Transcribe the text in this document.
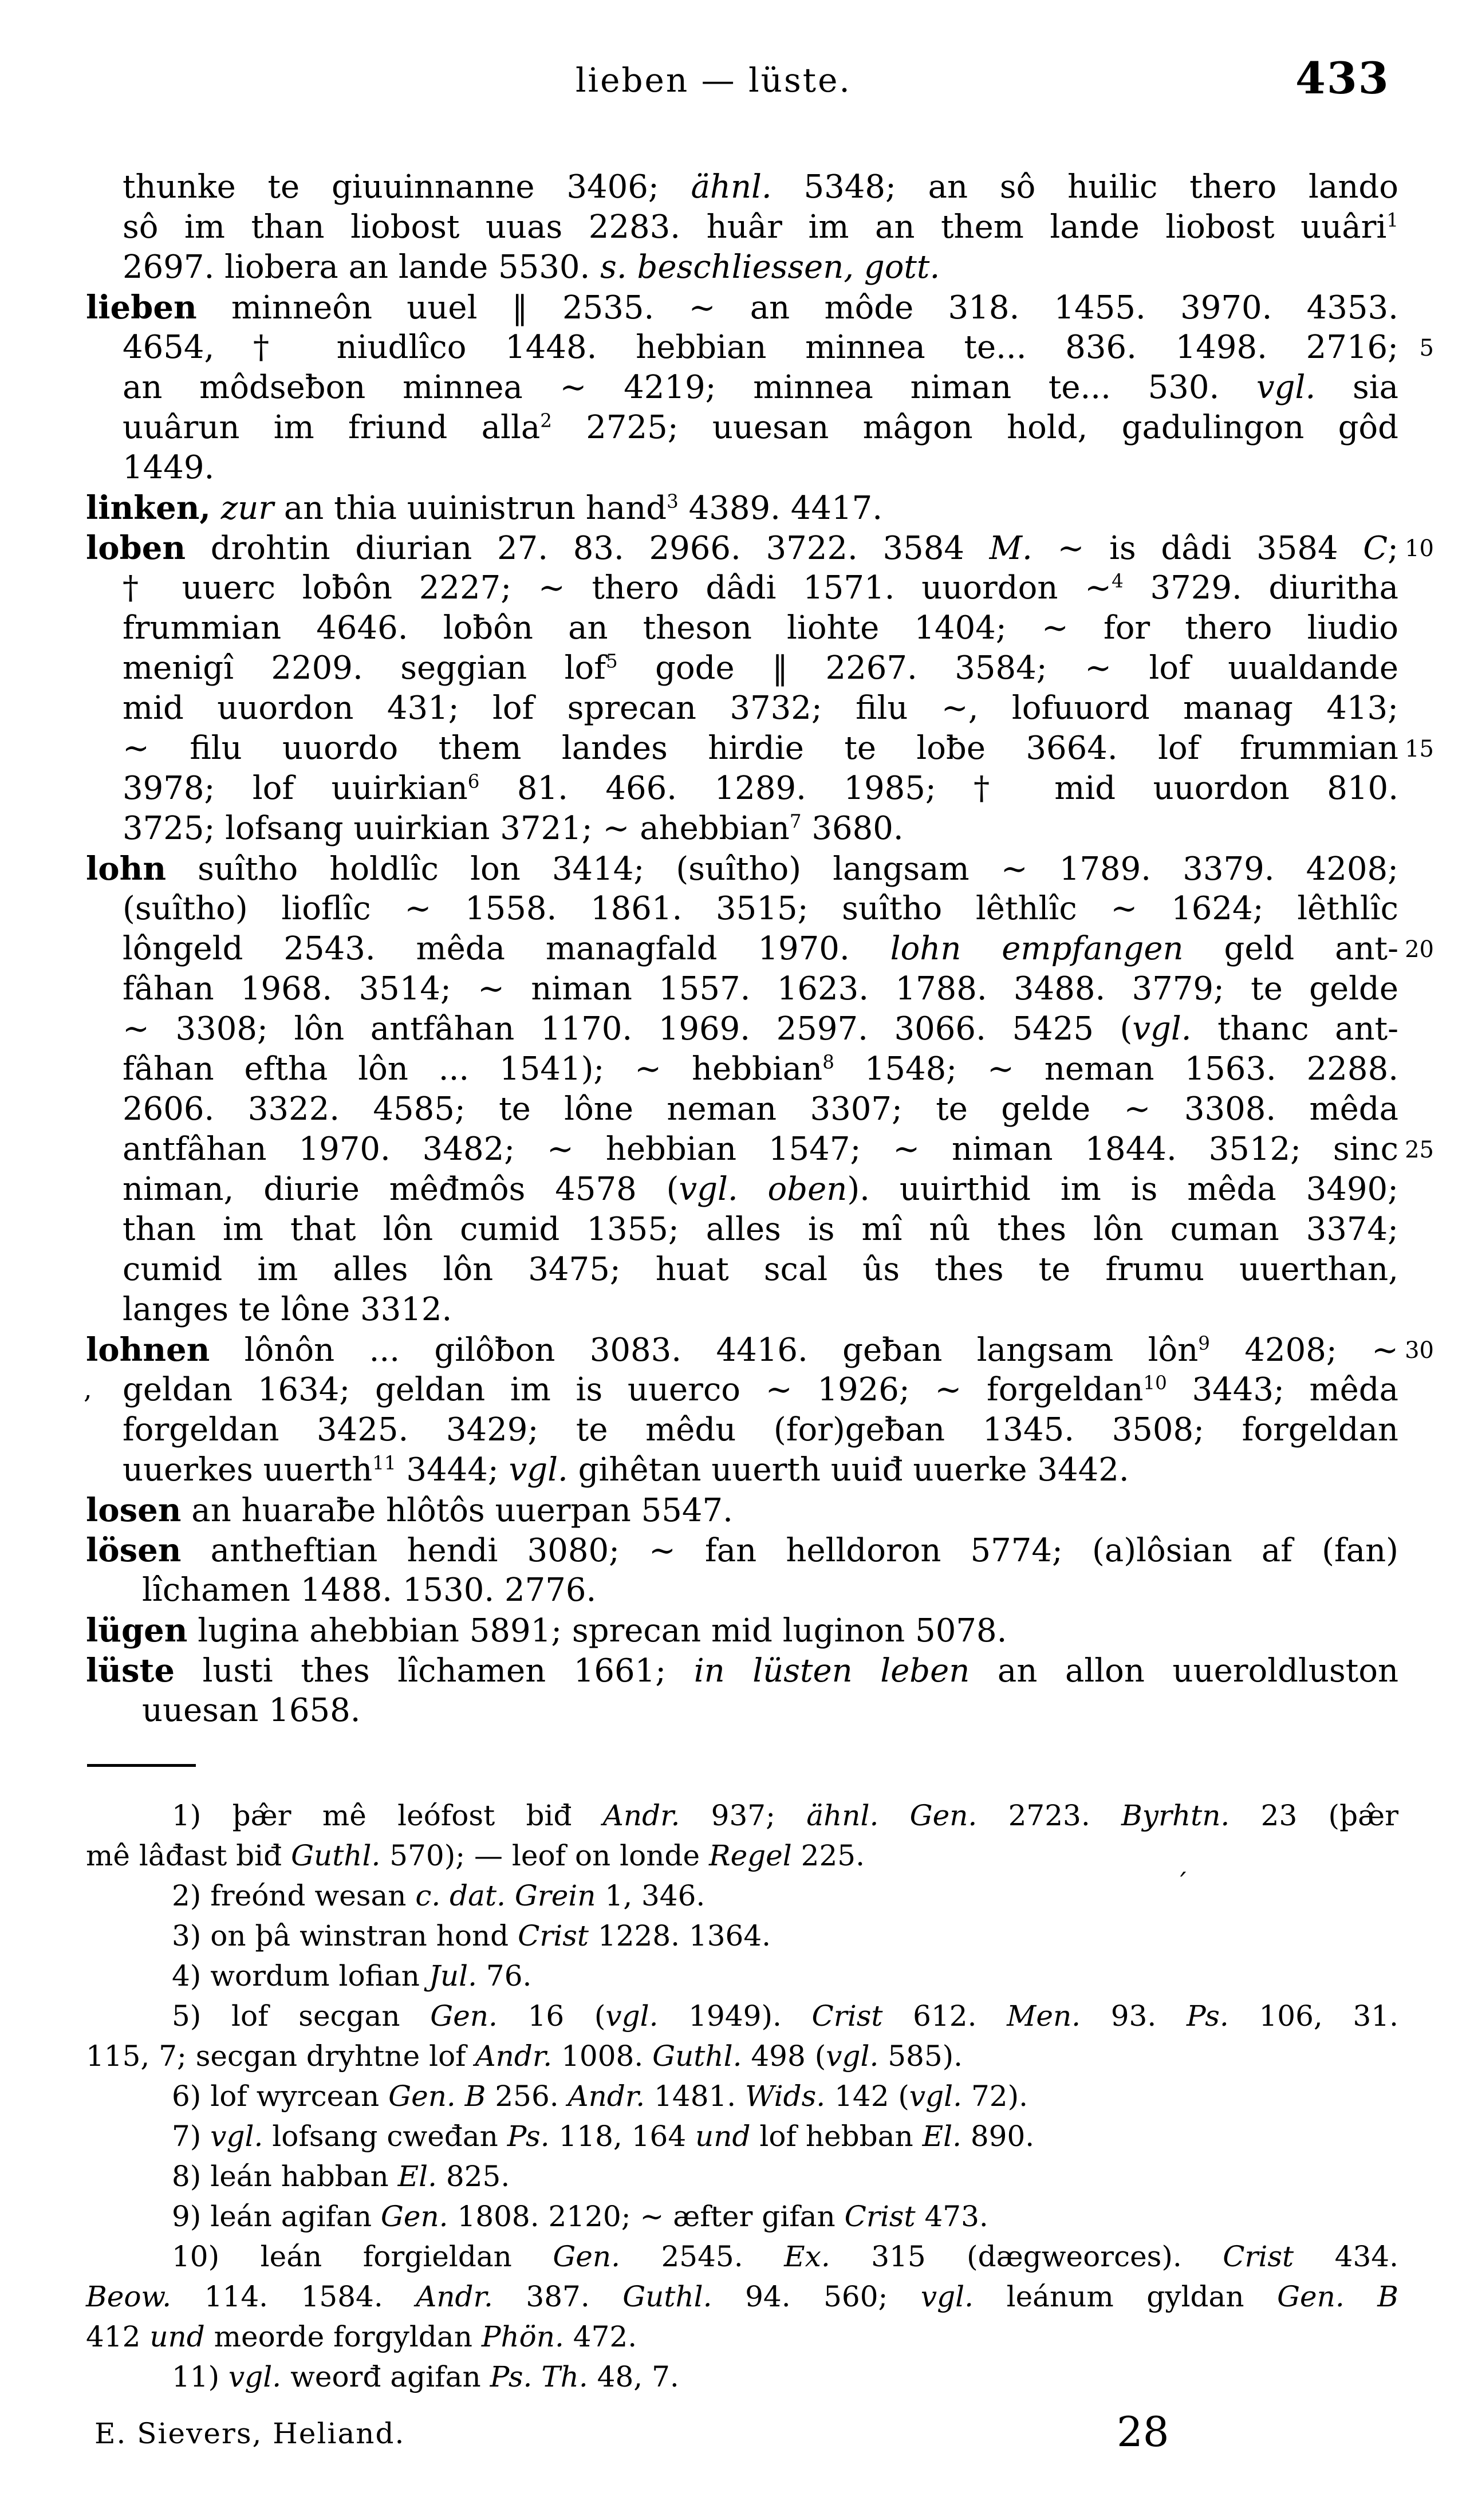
lieben — lüste.	433
thunke te giuuinnanne 3406; ähnl. 5348; an sô huilic thero lando
sô im than liobost uuas 2283. huâr im an them lande liobost uuâri$^1$
2697. liobera an lande 5530. s. beschliessen, gott.
lieben minneôn uuel ‖ 2535. ∼ an môde 318. 1455. 3970. 4353.
4654, † niudlîco 1448. hebbian minnea te... 836. 1498. 2716; 5
an môdseƀon minnea ∼ 4219; minnea niman te... 530. vgl. sia
uuârun im friund alla$^2$ 2725; uuesan mâgon hold, gadulingon gôd
1449.
linken, zur an thia uuinistrun hand$^3$ 4389. 4417.
loben drohtin diurian 27. 83. 2966. 3722. 3584 M. ∼ is dâdi 3584 C; 10
† uuerc loƀôn 2227; ∼ thero dâdi 1571. uuordon ∼$^4$ 3729. diuritha
frummian 4646. loƀôn an theson liohte 1404; ∼ for thero liudio
menigî 2209. seggian lof$^5$ gode ‖ 2267. 3584; ∼ lof uualdande
mid uuordon 431; lof sprecan 3732; filu ∼, lofuuord manag 413;
∼ filu uuordo them landes hirdie te loƀe 3664. lof frummian 15
3978; lof uuirkian$^6$ 81. 466. 1289. 1985; † mid uuordon 810.
3725; lofsang uuirkian 3721; ∼ ahebbian$^7$ 3680.
lohn suîtho holdlîc lon 3414; (suîtho) langsam ∼ 1789. 3379. 4208;
(suîtho) lioflîc ∼ 1558. 1861. 3515; suîtho lêthlîc ∼ 1624; lêthlîc
lôngeld 2543. mêda managfald 1970. lohn empfangen geld ant- 20
fâhan 1968. 3514; ∼ niman 1557. 1623. 1788. 3488. 3779; te gelde
∼ 3308; lôn antfâhan 1170. 1969. 2597. 3066. 5425 (vgl. thanc ant-
fâhan eftha lôn ... 1541); ∼ hebbian$^8$ 1548; ∼ neman 1563. 2288.
2606. 3322. 4585; te lône neman 3307; te gelde ∼ 3308. mêda
antfâhan 1970. 3482; ∼ hebbian 1547; ∼ niman 1844. 3512; sinc 25
niman, diurie mêđmôs 4578 (vgl. oben). uuirthid im is mêda 3490;
than im that lôn cumid 1355; alles is mî nû thes lôn cuman 3374;
cumid im alles lôn 3475; huat scal ûs thes te frumu uuerthan,
langes te lône 3312.
lohnen lônôn ... gilôƀon 3083. 4416. geƀan langsam lôn$^9$ 4208; ∼ 30
geldan 1634; geldan im is uuerco ∼ 1926; ∼ forgeldan$^{10}$ 3443; mêda
forgeldan 3425. 3429; te mêdu (for)geƀan 1345. 3508; forgeldan
uuerkes uuerth$^{11}$ 3444; vgl. gihêtan uuerth uuiđ uuerke 3442.
losen an huaraƀe hlôtôs uuerpan 5547.
lösen antheftian hendi 3080; ∼ fan helldoron 5774; (a)lôsian af (fan)
lîchamen 1488. 1530. 2776.
lügen lugina ahebbian 5891; sprecan mid luginon 5078.
lüste lusti thes lîchamen 1661; in lüsten leben an allon uueroldluston
uuesan 1658.
1) þæ̂r mê leófost biđ Andr. 937; ähnl. Gen. 2723. Byrhtn. 23 (þæ̂r
mê lâđast biđ Guthl. 570); — leof on londe Regel 225.
2) freónd wesan c. dat. Grein 1, 346.
3) on þâ winstran hond Crist 1228. 1364.
4) wordum lofian Jul. 76.
5) lof secgan Gen. 16 (vgl. 1949). Crist 612. Men. 93. Ps. 106, 31.
115, 7; secgan dryhtne lof Andr. 1008. Guthl. 498 (vgl. 585).
6) lof wyrcean Gen. B 256. Andr. 1481. Wids. 142 (vgl. 72).
7) vgl. lofsang cweđan Ps. 118, 164 und lof hebban El. 890.
8) leán habban El. 825.
9) leán agifan Gen. 1808. 2120; ∼ æfter gifan Crist 473.
10) leán forgieldan Gen. 2545. Ex. 315 (dægweorces). Crist 434.
Beow. 114. 1584. Andr. 387. Guthl. 94. 560; vgl. leánum gyldan Gen. B
412 und meorde forgyldan Phön. 472.
11) vgl. weorđ agifan Ps. Th. 48, 7.
E. Sievers, Heliand.	28
,
´
